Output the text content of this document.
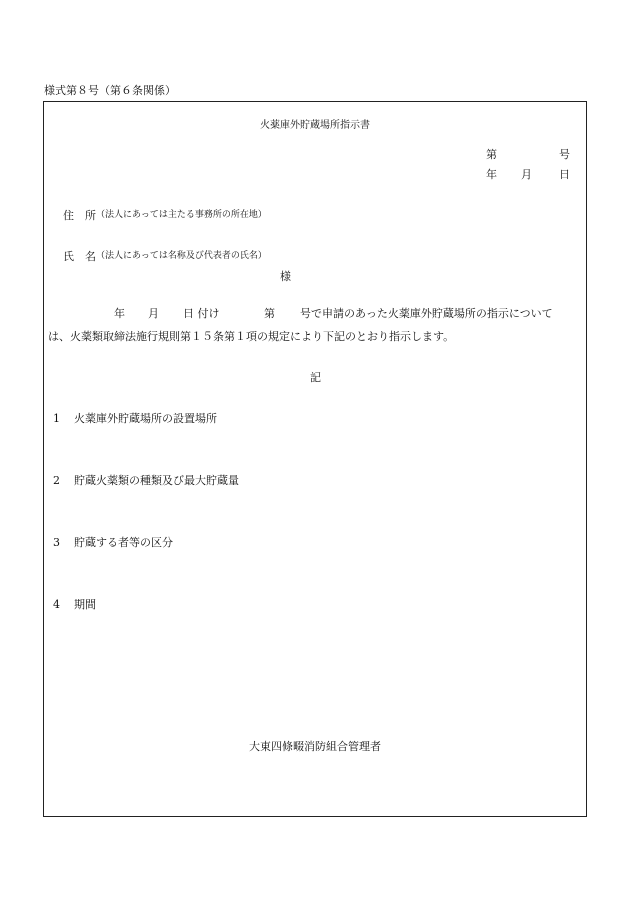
様式第８号（第６条関係）
火薬庫外貯蔵場所指示書
第	号
年 月 日
住　所 （法人にあっては主たる事務所の所在地）
氏　名 （法人にあっては名称及び代表者の氏名）
様
年 月 日 付け	第 号で申請のあった火薬庫外貯蔵場所の指示について
は、火薬類取締法施行規則第１５条第１項の規定により下記のとおり指示します。
記
1 火薬庫外貯蔵場所の設置場所
2 貯蔵火薬類の種類及び最大貯蔵量
3 貯蔵する者等の区分
4 期間
大東四條畷消防組合管理者
